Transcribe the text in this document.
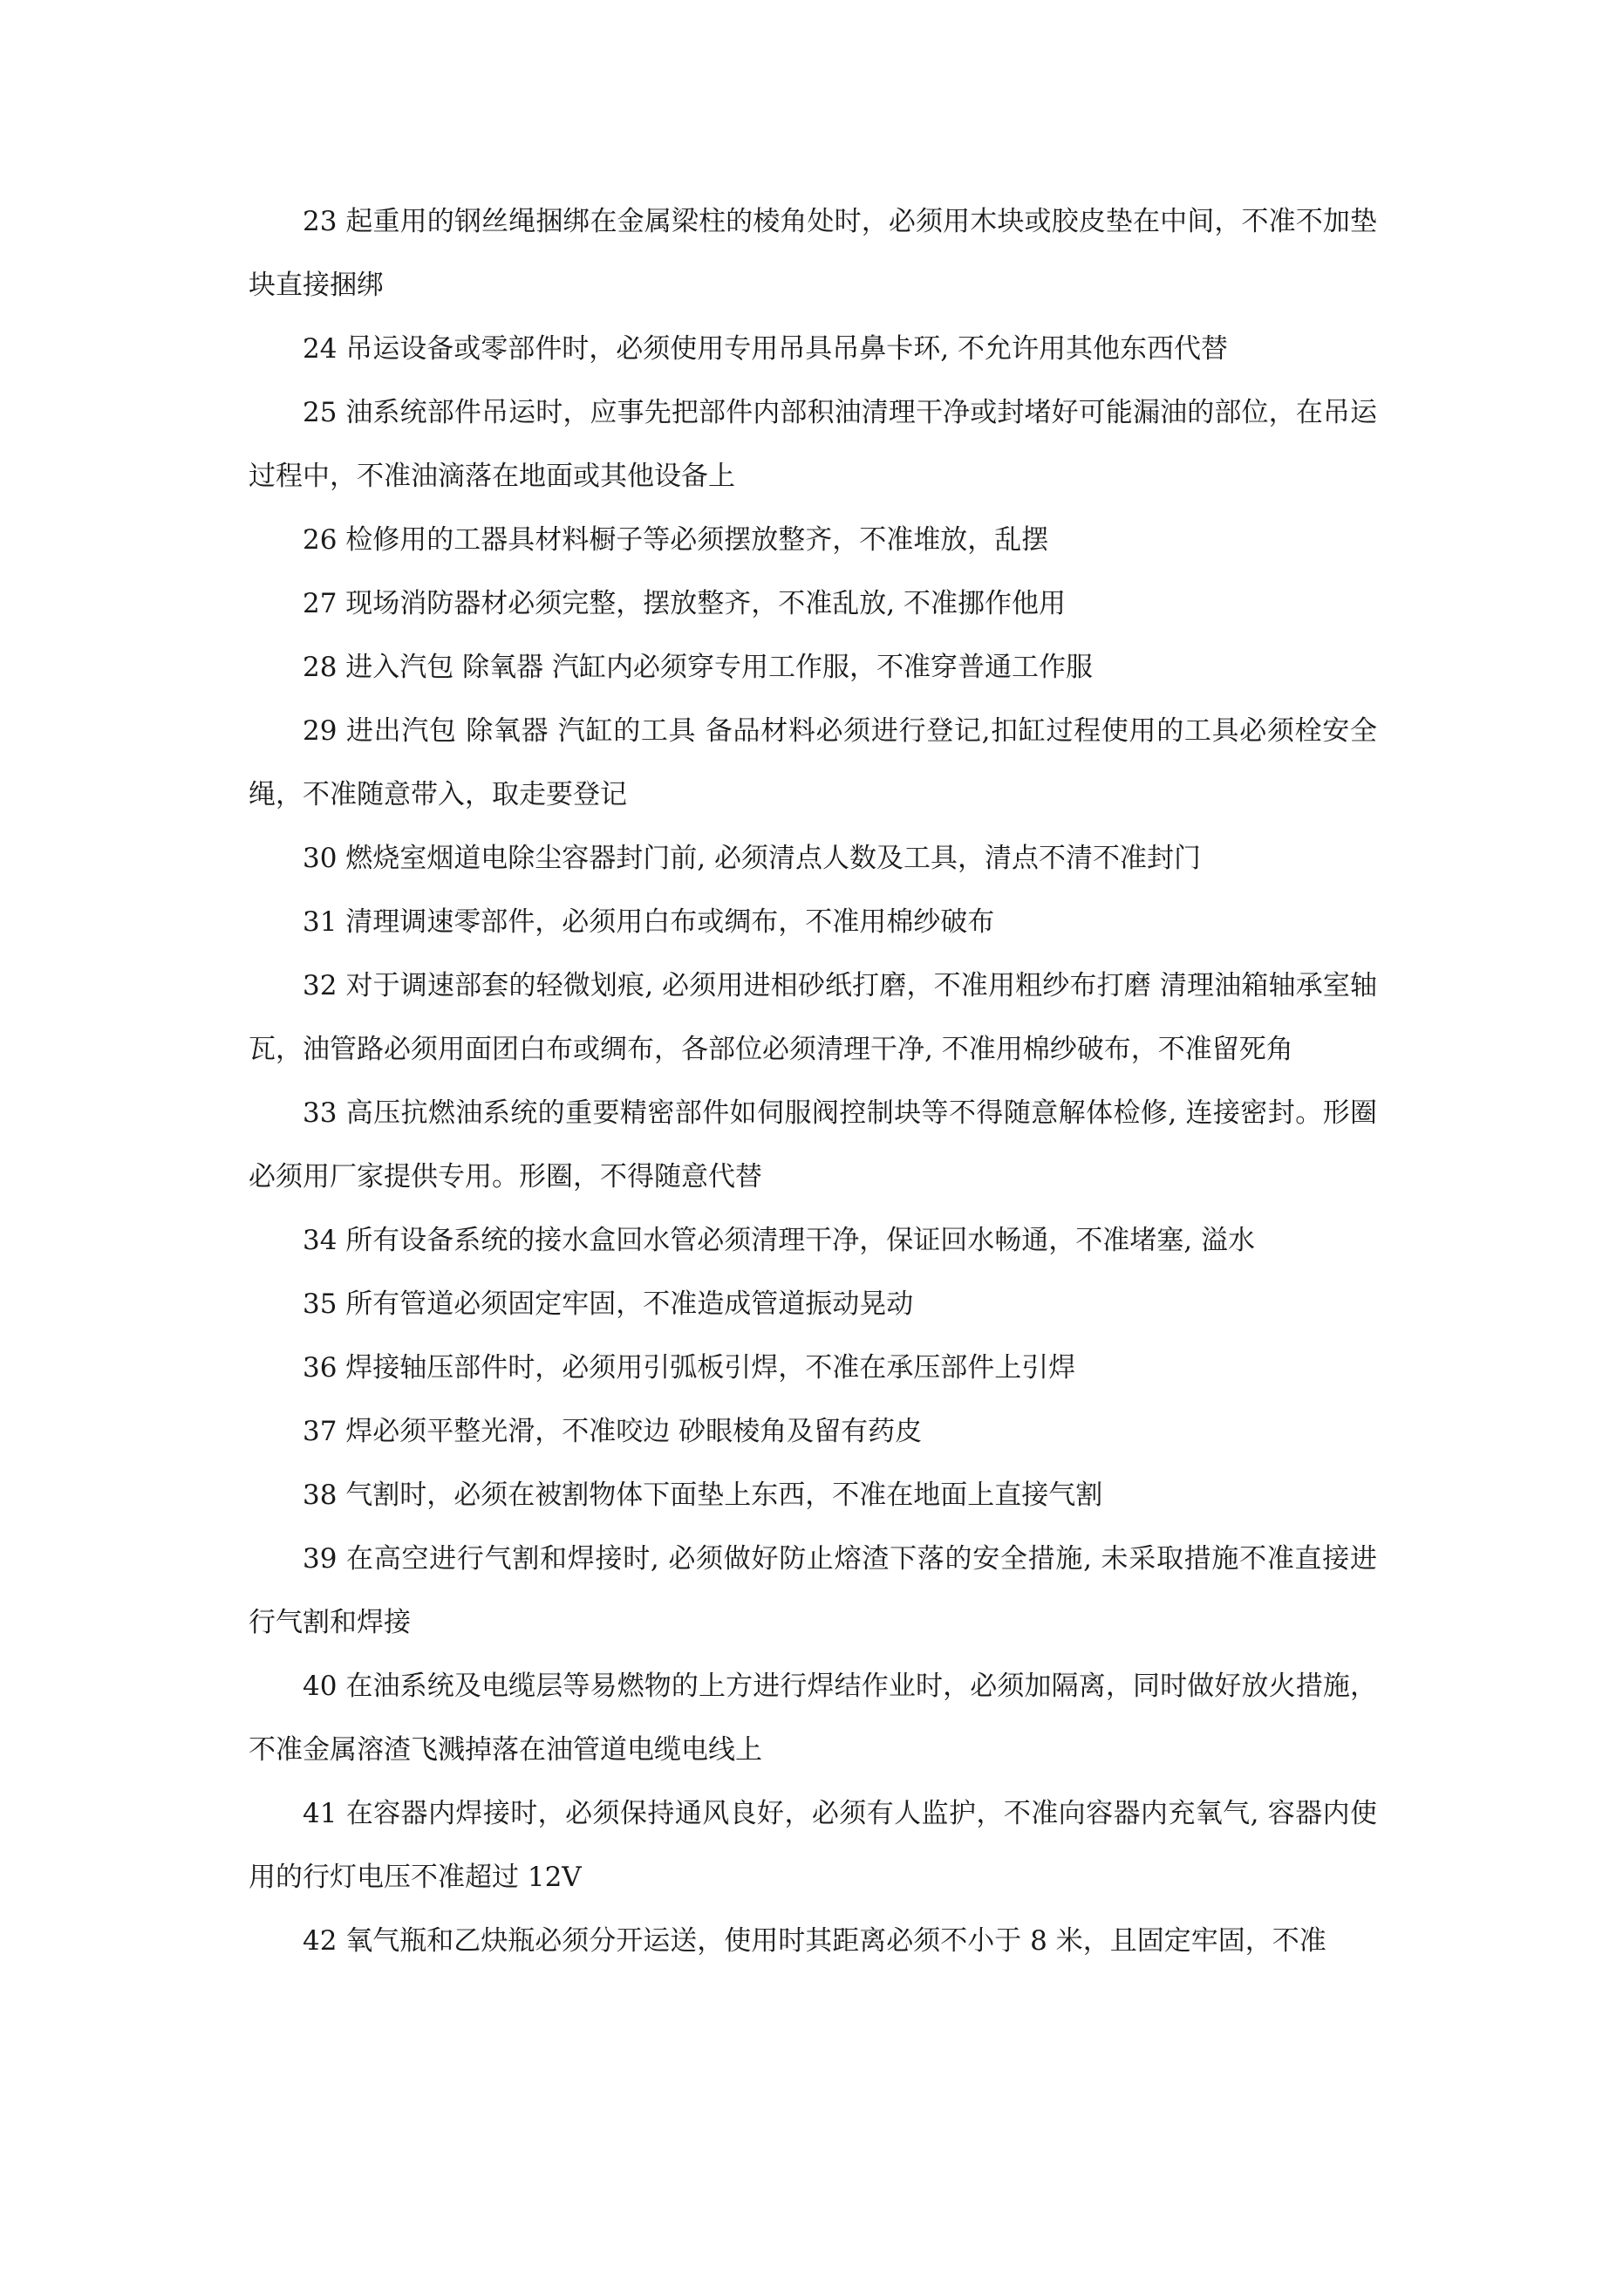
23 起重用的钢丝绳捆绑在金属梁柱的棱角处时，必须用木块或胶皮垫在中间，不准不加垫块直接捆绑

24 吊运设备或零部件时，必须使用专用吊具吊鼻卡环, 不允许用其他东西代替

25 油系统部件吊运时，应事先把部件内部积油清理干净或封堵好可能漏油的部位，在吊运过程中，不准油滴落在地面或其他设备上

26 检修用的工器具材料橱子等必须摆放整齐，不准堆放，乱摆

27 现场消防器材必须完整，摆放整齐，不准乱放, 不准挪作他用

28 进入汽包 除氧器 汽缸内必须穿专用工作服，不准穿普通工作服

29 进出汽包 除氧器 汽缸的工具 备品材料必须进行登记,扣缸过程使用的工具必须栓安全绳，不准随意带入，取走要登记

30 燃烧室烟道电除尘容器封门前, 必须清点人数及工具，清点不清不准封门

31 清理调速零部件，必须用白布或绸布，不准用棉纱破布

32 对于调速部套的轻微划痕, 必须用进相砂纸打磨，不准用粗纱布打磨 清理油箱轴承室轴瓦，油管路必须用面团白布或绸布，各部位必须清理干净, 不准用棉纱破布，不准留死角

33 高压抗燃油系统的重要精密部件如伺服阀控制块等不得随意解体检修, 连接密封。形圈必须用厂家提供专用。形圈，不得随意代替

34 所有设备系统的接水盒回水管必须清理干净，保证回水畅通，不准堵塞, 溢水

35 所有管道必须固定牢固，不准造成管道振动晃动

36 焊接轴压部件时，必须用引弧板引焊，不准在承压部件上引焊

37 焊必须平整光滑，不准咬边 砂眼棱角及留有药皮

38 气割时，必须在被割物体下面垫上东西，不准在地面上直接气割

39 在高空进行气割和焊接时, 必须做好防止熔渣下落的安全措施, 未采取措施不准直接进行气割和焊接

40 在油系统及电缆层等易燃物的上方进行焊结作业时，必须加隔离，同时做好放火措施，不准金属溶渣飞溅掉落在油管道电缆电线上

41 在容器内焊接时，必须保持通风良好，必须有人监护，不准向容器内充氧气, 容器内使用的行灯电压不准超过 12V

42 氧气瓶和乙炔瓶必须分开运送，使用时其距离必须不小于 8 米，且固定牢固，不准
